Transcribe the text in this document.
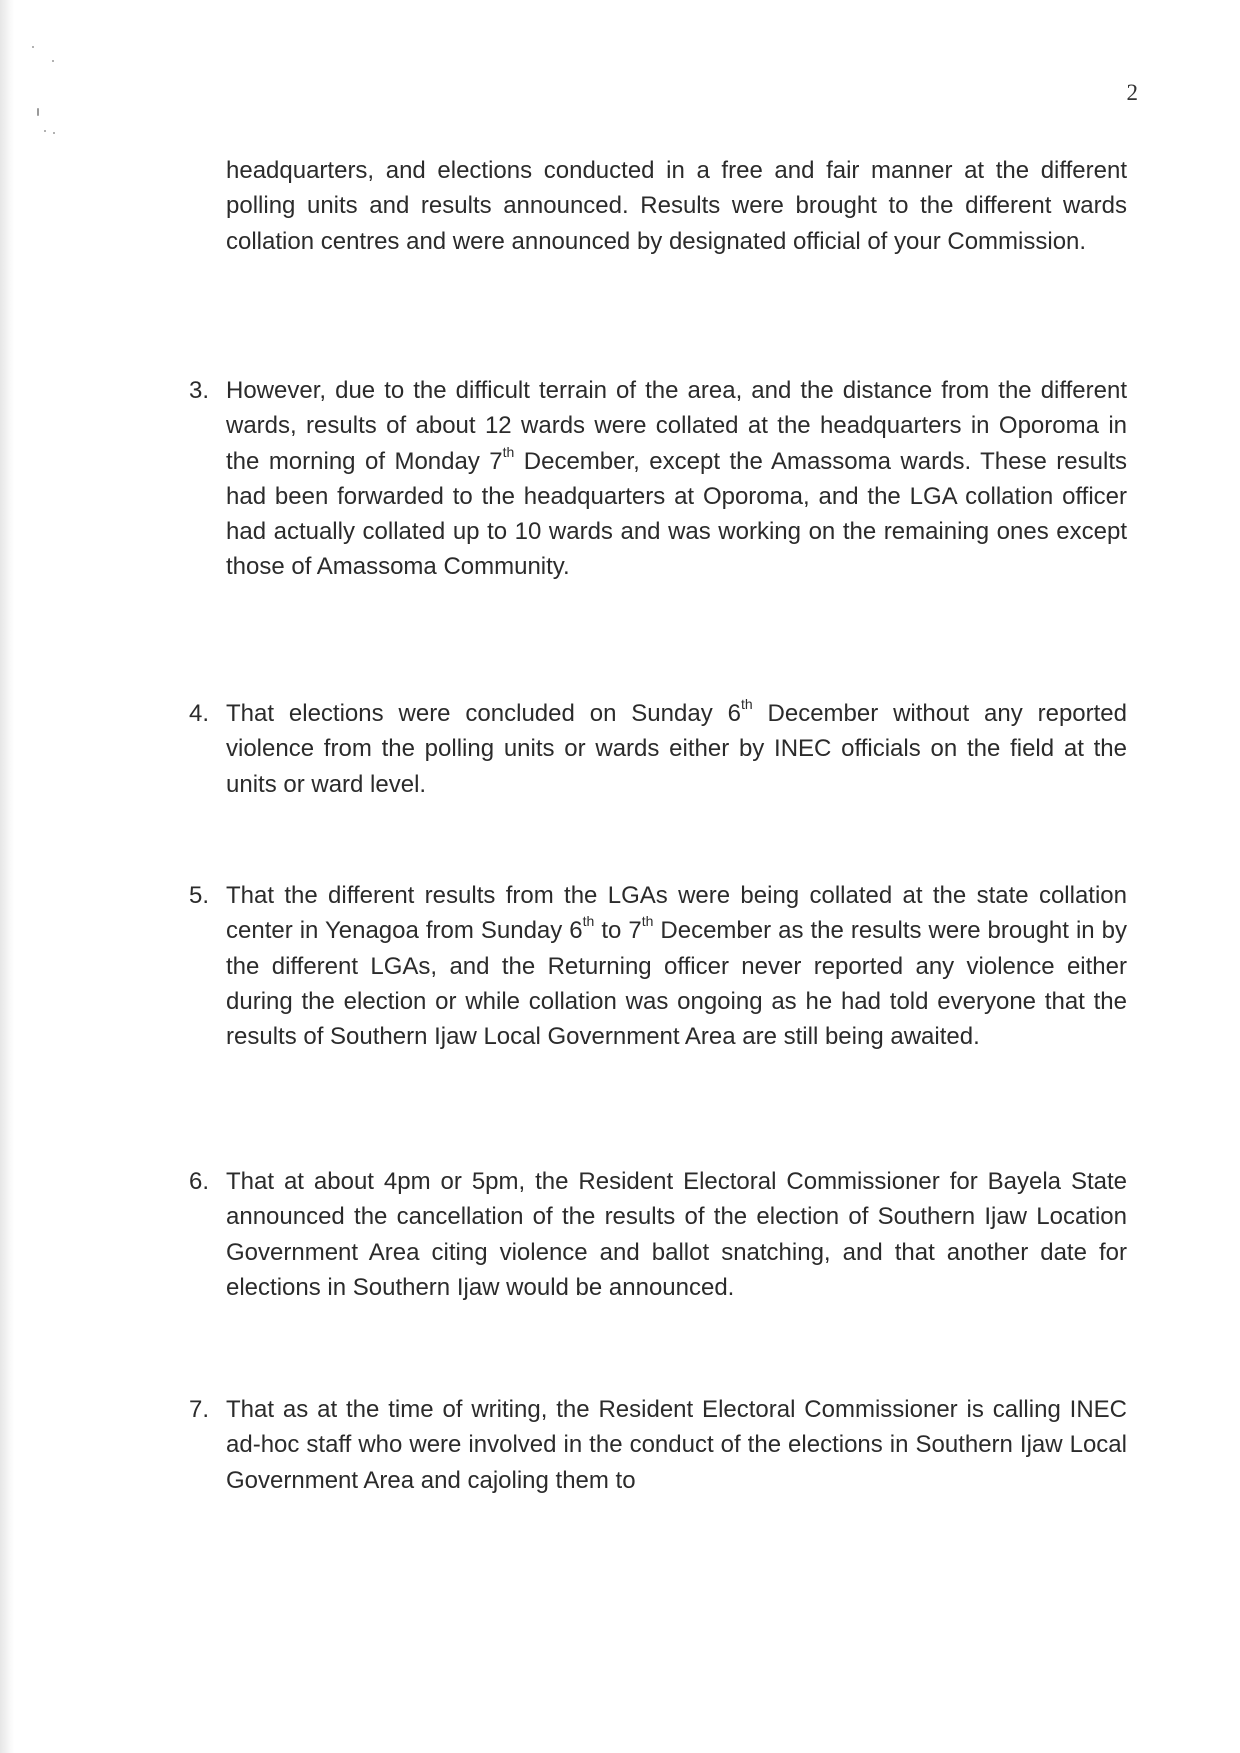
2

headquarters, and elections conducted in a free and fair manner at the different polling units and results announced. Results were brought to the different wards collation centres and were announced by designated official of your Commission.

3. However, due to the difficult terrain of the area, and the distance from the different wards, results of about 12 wards were collated at the headquarters in Oporoma in the morning of Monday 7th December, except the Amassoma wards. These results had been forwarded to the headquarters at Oporoma, and the LGA collation officer had actually collated up to 10 wards and was working on the remaining ones except those of Amassoma Community.

4. That elections were concluded on Sunday 6th December without any reported violence from the polling units or wards either by INEC officials on the field at the units or ward level.

5. That the different results from the LGAs were being collated at the state collation center in Yenagoa from Sunday 6th to 7th December as the results were brought in by the different LGAs, and the Returning officer never reported any violence either during the election or while collation was ongoing as he had told everyone that the results of Southern Ijaw Local Government Area are still being awaited.

6. That at about 4pm or 5pm, the Resident Electoral Commissioner for Bayela State announced the cancellation of the results of the election of Southern Ijaw Location Government Area citing violence and ballot snatching, and that another date for elections in Southern Ijaw would be announced.

7. That as at the time of writing, the Resident Electoral Commissioner is calling INEC ad-hoc staff who were involved in the conduct of the elections in Southern Ijaw Local Government Area and cajoling them to
